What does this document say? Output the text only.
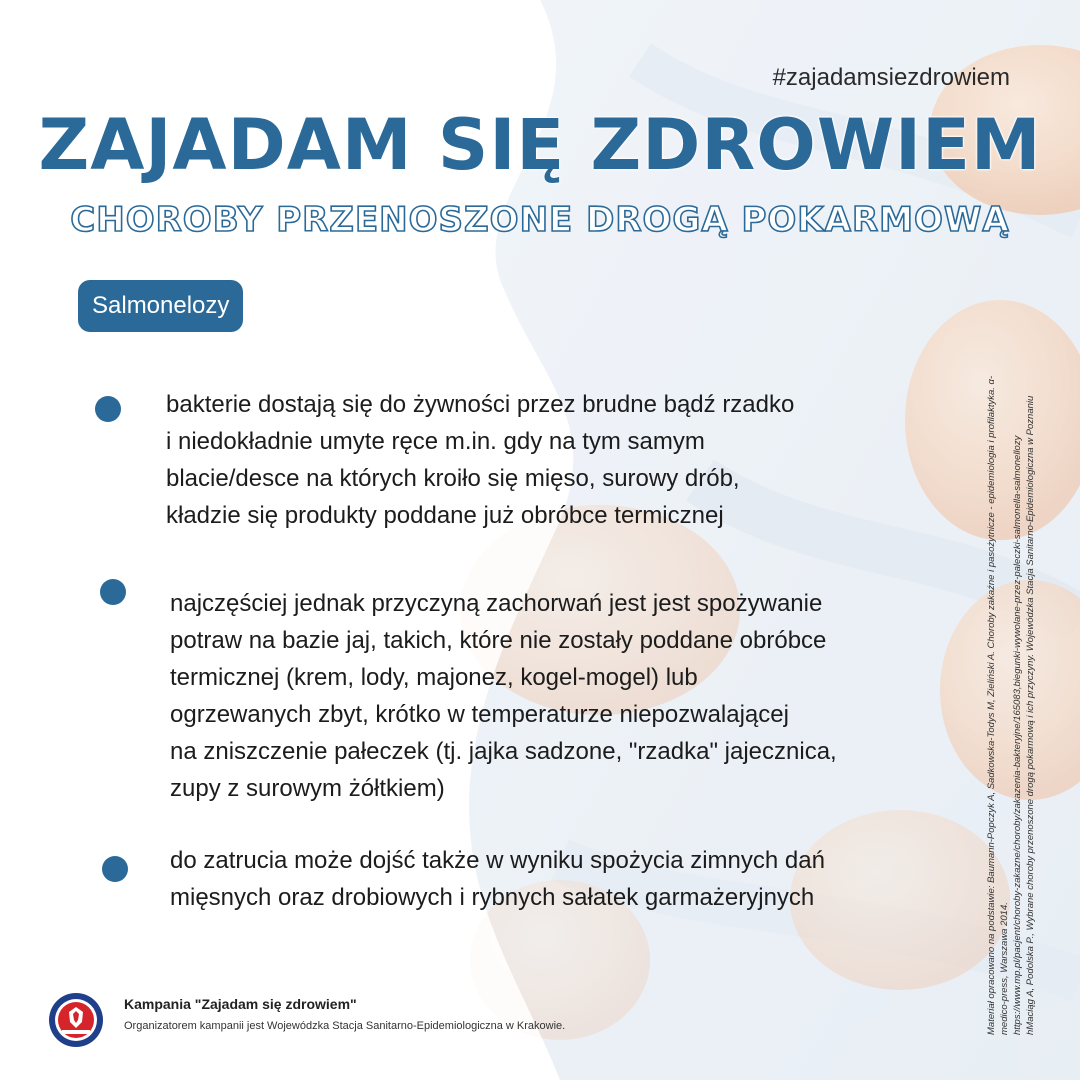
#zajadamsiezdrowiem
ZAJADAM SIĘ ZDROWIEM
CHOROBY PRZENOSZONE DROGĄ POKARMOWĄ
Salmonelozy
bakterie dostają się do żywności przez brudne bądź rzadko
i niedokładnie umyte ręce m.in. gdy na tym samym
blacie/desce na których kroiło się mięso, surowy drób,
kładzie się produkty poddane już obróbce termicznej
najczęściej jednak przyczyną zachorwań jest jest spożywanie
potraw na bazie jaj, takich, które nie zostały poddane obróbce
termicznej (krem, lody, majonez, kogel-mogel) lub
ogrzewanych zbyt, krótko w temperaturze niepozwalającej
na zniszczenie pałeczek (tj. jajka sadzone, "rzadka" jajecznica,
zupy z surowym żółtkiem)
do zatrucia może dojść także w wyniku spożycia zimnych dań
mięsnych oraz drobiowych i rybnych sałatek garmażeryjnych	Materiał opracowano na podstawie: Baumann-Popczyk A, Sadkowska-Todys M, Zieliński A. Choroby zakaźne i pasożytnicze - epidemiologia i profilaktyka. α- medico-press, Warszawa 2014. https://www.mp.pl/pacjent/choroby-zakazne/choroby/zakazenia-bakteryjne/165083,biegunki-wywolane-przez-paleczki-salmonella-salmonellozy hMaciąg A, Podolska P., Wybrane choroby przenoszone drogą pokarmową i ich przyczyny. Wojewódzka Stacja Sanitarno-Epidemiologiczna w Poznaniu
Kampania "Zajadam się zdrowiem"
Organizatorem kampanii jest Wojewódzka Stacja Sanitarno-Epidemiologiczna w Krakowie.
